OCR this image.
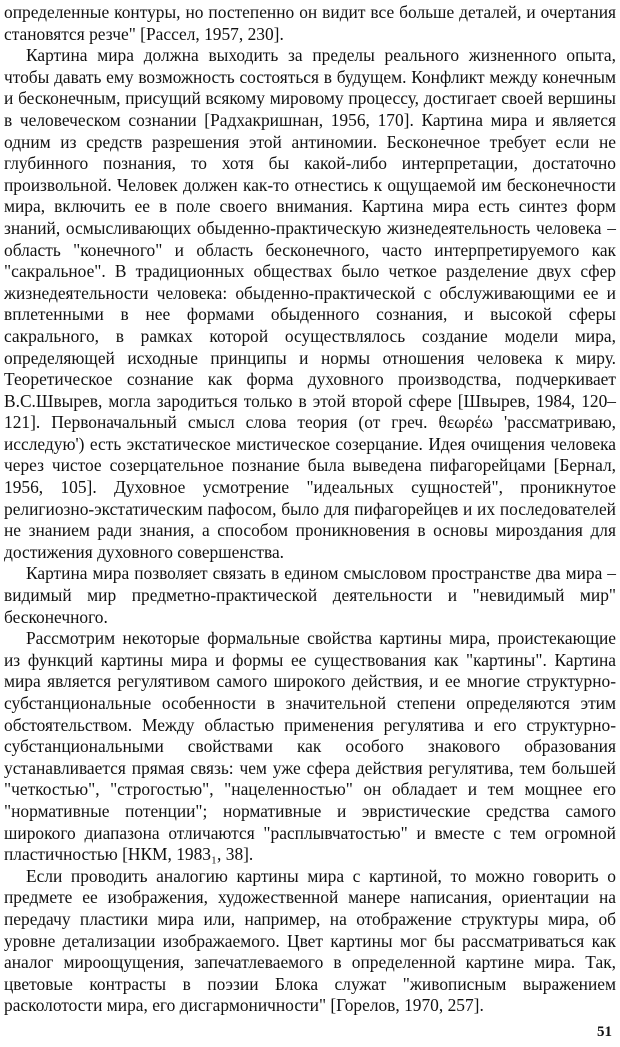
определенные контуры, но постепенно он видит все больше деталей, и очертания становятся резче" [Рассел, 1957, 230].

Картина мира должна выходить за пределы реального жизненного опыта, чтобы давать ему возможность состояться в будущем. Конфликт между конечным и бесконечным, присущий всякому мировому процессу, достигает своей вершины в человеческом сознании [Радхакришнан, 1956, 170]. Картина мира и является одним из средств разрешения этой антиномии. Бесконечное требует если не глубинного познания, то хотя бы какой-либо интерпретации, достаточно произвольной. Человек должен как-то отнестись к ощущаемой им бесконечности мира, включить ее в поле своего внимания. Картина мира есть синтез форм знаний, осмысливающих обыденно-практическую жизнедеятельность человека – область "конечного" и область бесконечного, часто интерпретируемого как "сакральное". В традиционных обществах было четкое разделение двух сфер жизнедеятельности человека: обыденно-практической с обслуживающими ее и вплетенными в нее формами обыденного сознания, и высокой сферы сакрального, в рамках которой осуществлялось создание модели мира, определяющей исходные принципы и нормы отношения человека к миру. Теоретическое сознание как форма духовного производства, подчеркивает В.С.Швырев, могла зародиться только в этой второй сфере [Швырев, 1984, 120–121]. Первоначальный смысл слова теория (от греч. θεωρέω 'рассматриваю, исследую') есть экстатическое мистическое созерцание. Идея очищения человека через чистое созерцательное познание была выведена пифагорейцами [Бернал, 1956, 105]. Духовное усмотрение "идеальных сущностей", проникнутое религиозно-экстатическим пафосом, было для пифагорейцев и их последователей не знанием ради знания, а способом проникновения в основы мироздания для достижения духовного совершенства.

Картина мира позволяет связать в едином смысловом пространстве два мира – видимый мир предметно-практической деятельности и "невидимый мир" бесконечного.

Рассмотрим некоторые формальные свойства картины мира, проистекающие из функций картины мира и формы ее существования как "картины". Картина мира является регулятивом самого широкого действия, и ее многие структурно-субстанциональные особенности в значительной степени определяются этим обстоятельством. Между областью применения регулятива и его структурно-субстанциональными свойствами как особого знакового образования устанавливается прямая связь: чем уже сфера действия регулятива, тем большей "четкостью", "строгостью", "нацеленностью" он обладает и тем мощнее его "нормативные потенции"; нормативные и эвристические средства самого широкого диапазона отличаются "расплывчатостью" и вместе с тем огромной пластичностью [НКМ, 1983₁, 38].

Если проводить аналогию картины мира с картиной, то можно говорить о предмете ее изображения, художественной манере написания, ориентации на передачу пластики мира или, например, на отображение структуры мира, об уровне детализации изображаемого. Цвет картины мог бы рассматриваться как аналог мироощущения, запечатлеваемого в определенной картине мира. Так, цветовые контрасты в поэзии Блока служат "живописным выражением расколотости мира, его дисгармоничности" [Горелов, 1970, 257].

51
